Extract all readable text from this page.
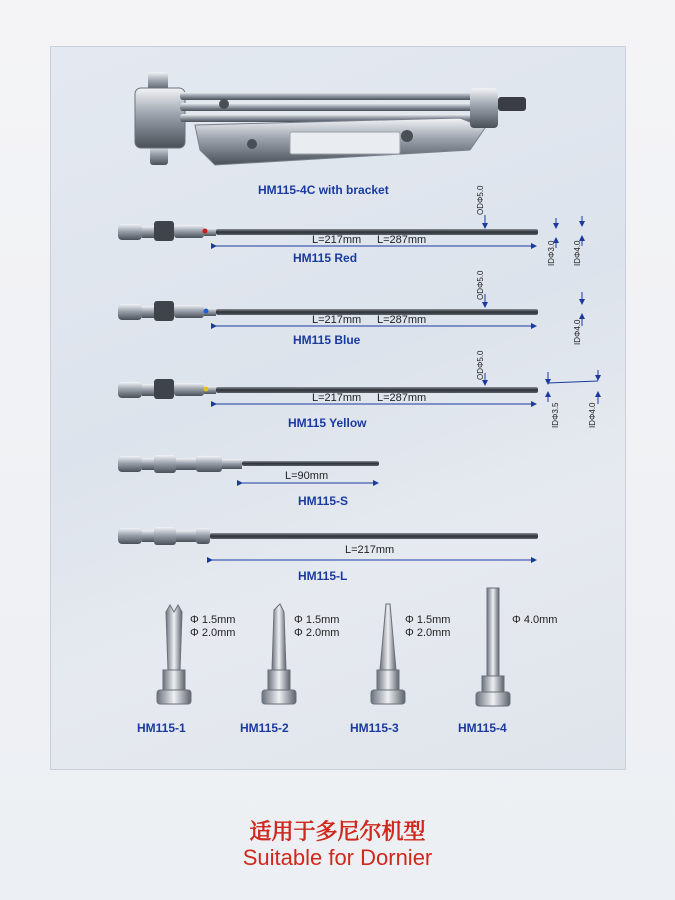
HM115-4C with bracket
L=217mm L=287mm
HM115 Red
ODΦ5.0
IDΦ3.0 IDΦ4.0
L=217mm L=287mm
HM115 Blue
ODΦ5.0
IDΦ4.0
L=217mm L=287mm
HM115 Yellow
ODΦ5.0
IDΦ3.5	IDΦ4.0
L=90mm
HM115-S
L=217mm
HM115-L
Φ 1.5mm
Φ 2.0mm
Φ 1.5mm
Φ 2.0mm
Φ 1.5mm
Φ 2.0mm
Φ 4.0mm
HM115-1	HM115-2	HM115-3	HM115-4
适用于多尼尔机型
Suitable for Dornier
